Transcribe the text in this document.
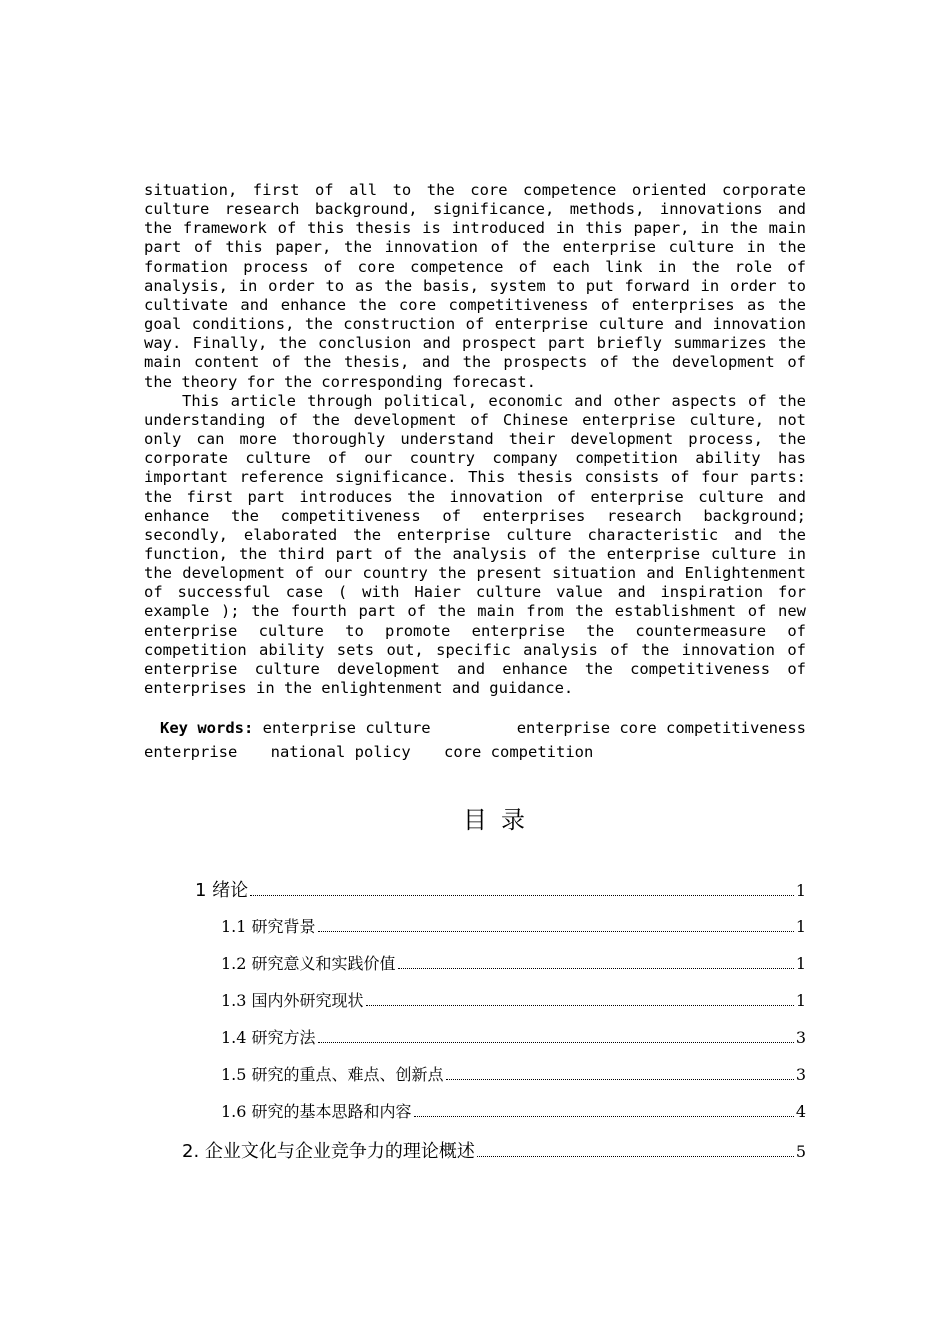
situation, first of all to the core competence oriented corporate culture research background, significance, methods, innovations and the framework of this thesis is introduced in this paper, in the main part of this paper, the innovation of the enterprise culture in the formation process of core competence of each link in the role of analysis, in order to as the basis, system to put forward in order to cultivate and enhance the core competitiveness of enterprises as the goal conditions, the construction of enterprise culture and innovation way. Finally, the conclusion and prospect part briefly summarizes the main content of the thesis, and the prospects of the development of the theory for the corresponding forecast.

This article through political, economic and other aspects of the understanding of the development of Chinese enterprise culture, not only can more thoroughly understand their development process, the corporate culture of our country company competition ability has important reference significance. This thesis consists of four parts: the first part introduces the innovation of enterprise culture and enhance the competitiveness of enterprises research background; secondly, elaborated the enterprise culture characteristic and the function, the third part of the analysis of the enterprise culture in the development of our country the present situation and Enlightenment of successful case ( with Haier culture value and inspiration for example ); the fourth part of the main from the establishment of new enterprise culture to promote enterprise the countermeasure of competition ability sets out, specific analysis of the innovation of enterprise culture development and enhance the competitiveness of enterprises in the enlightenment and guidance.

Key words: enterprise culture	enterprise core competitiveness
enterprise national policy core competition
目录
1 绪论	1
1.1 研究背景	1
1.2 研究意义和实践价值	1
1.3 国内外研究现状	1
1.4 研究方法	3
1.5 研究的重点、难点、创新点	3
1.6 研究的基本思路和内容	4
2. 企业文化与企业竞争力的理论概述	5
